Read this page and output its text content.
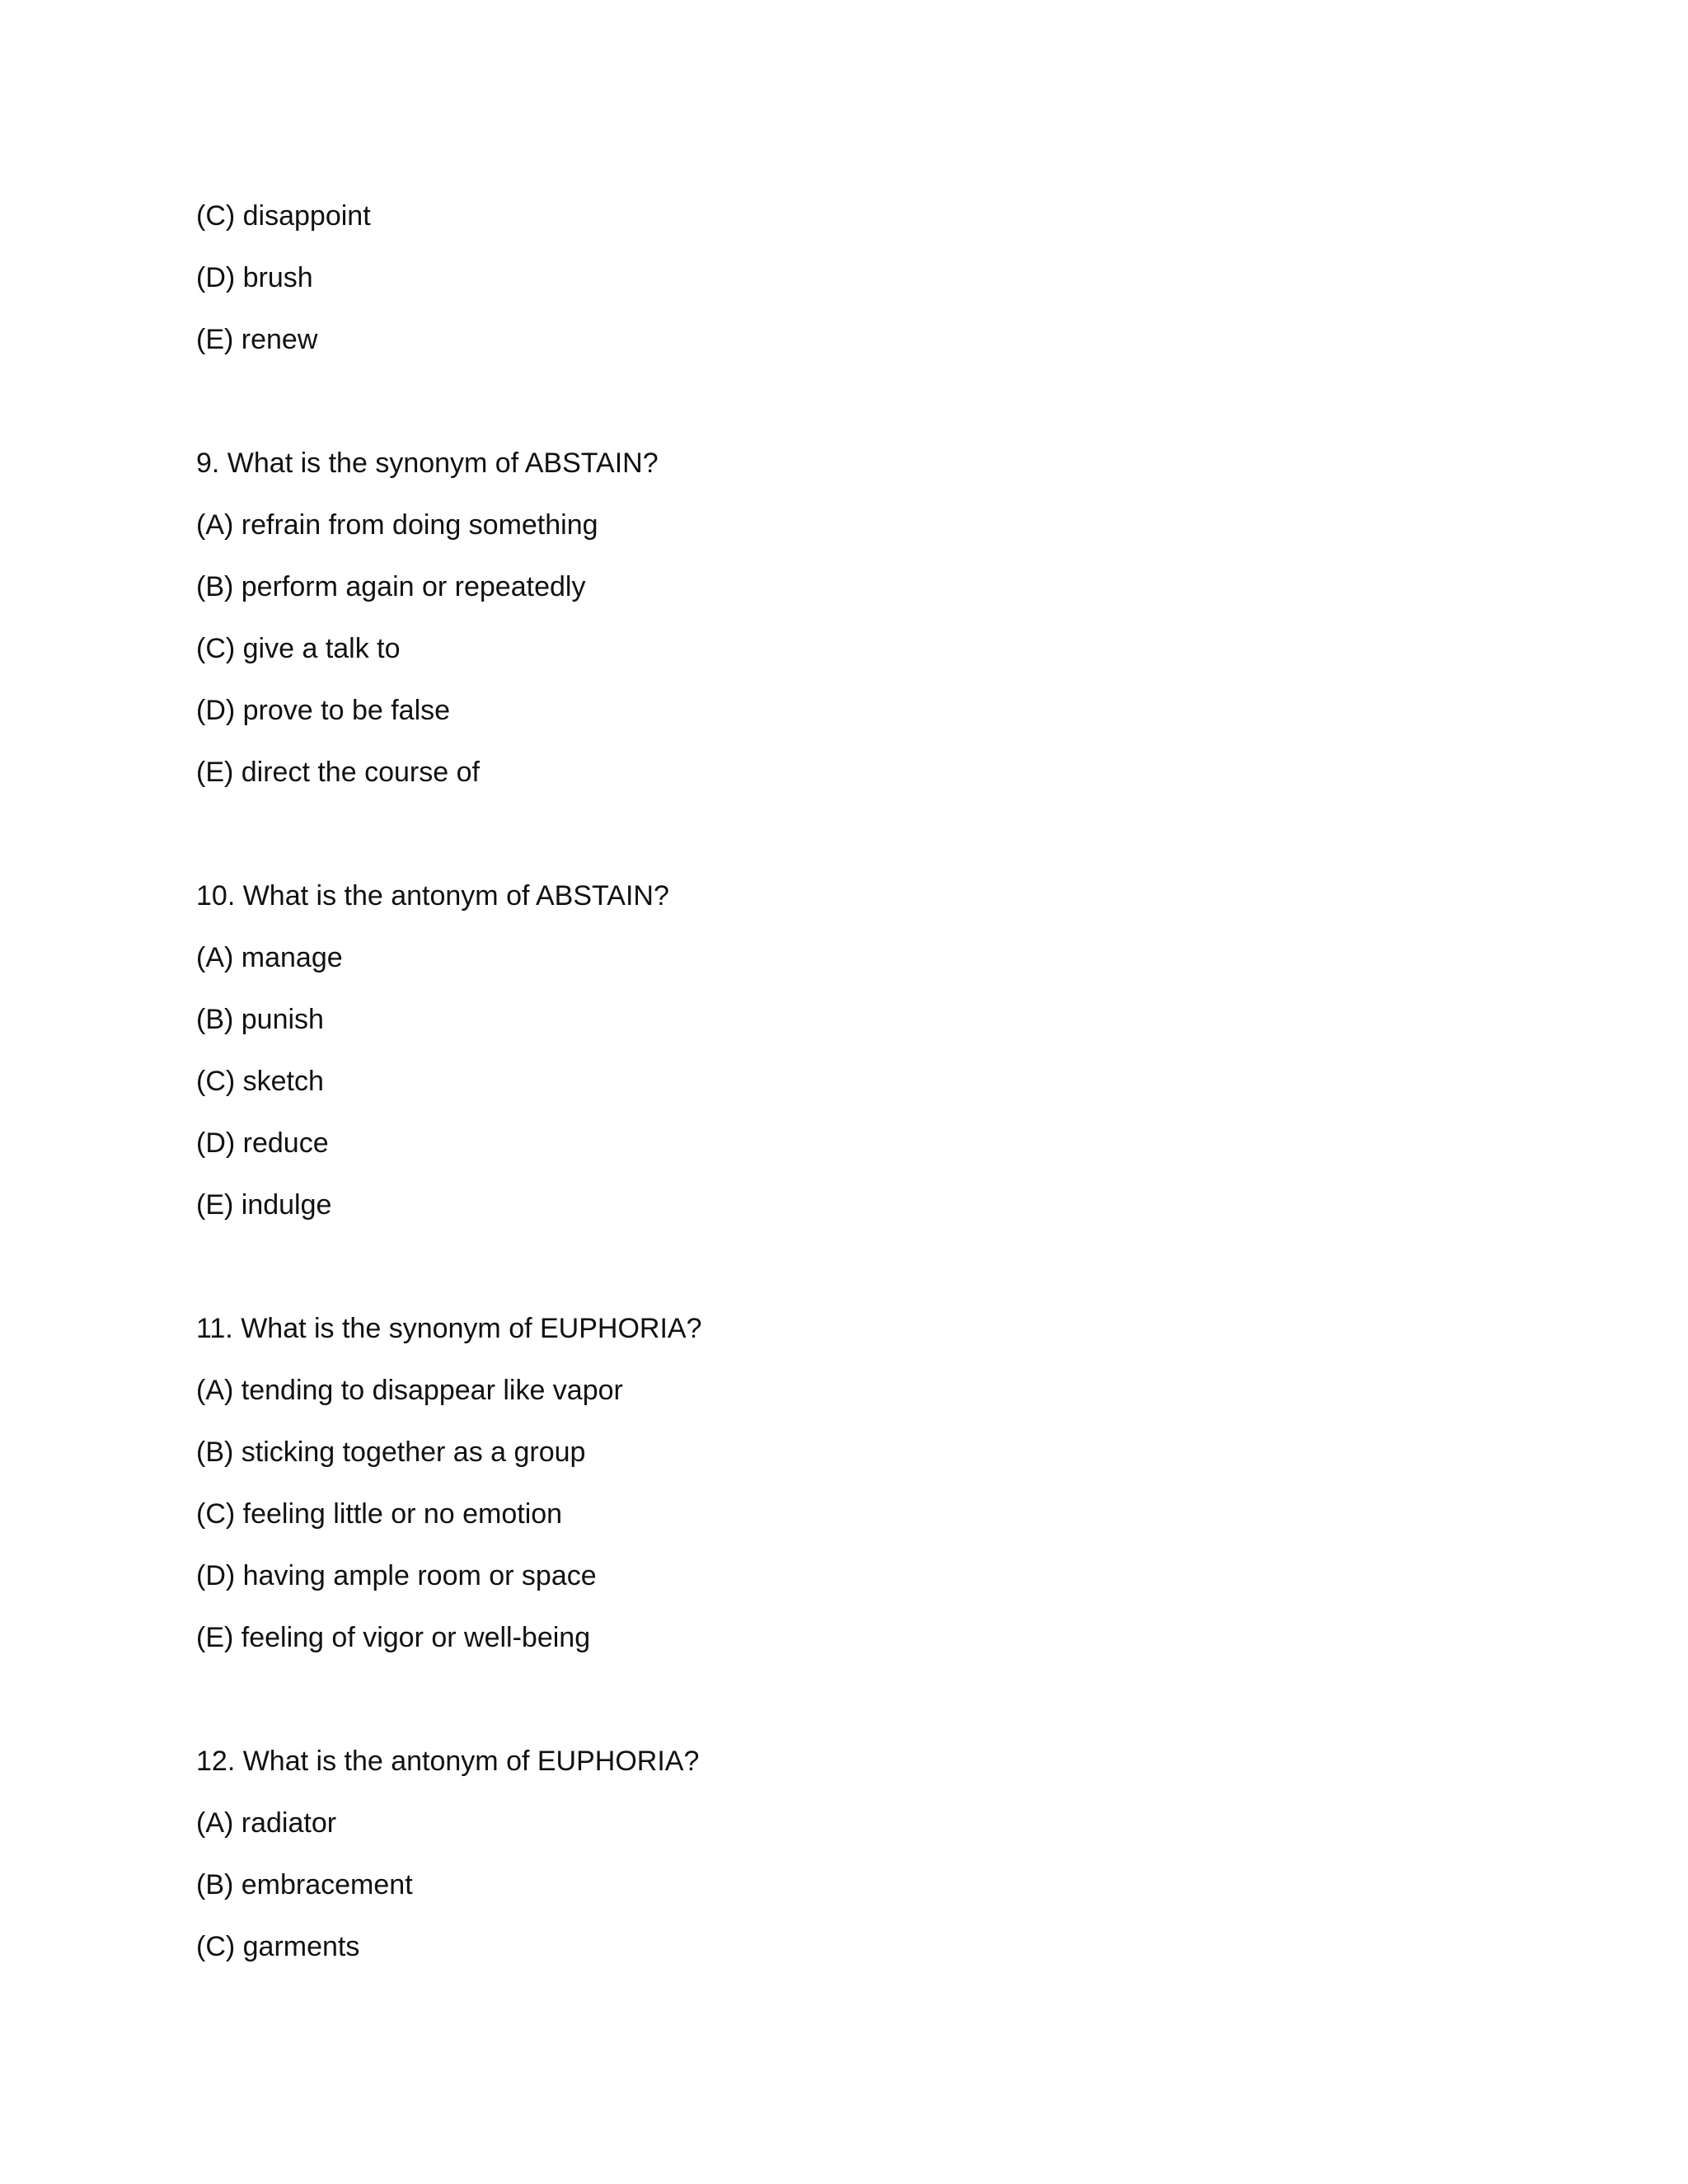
(C) disappoint
(D) brush
(E) renew
9. What is the synonym of ABSTAIN?
(A) refrain from doing something
(B) perform again or repeatedly
(C) give a talk to
(D) prove to be false
(E) direct the course of
10. What is the antonym of ABSTAIN?
(A) manage
(B) punish
(C) sketch
(D) reduce
(E) indulge
11. What is the synonym of EUPHORIA?
(A) tending to disappear like vapor
(B) sticking together as a group
(C) feeling little or no emotion
(D) having ample room or space
(E) feeling of vigor or well-being
12. What is the antonym of EUPHORIA?
(A) radiator
(B) embracement
(C) garments
